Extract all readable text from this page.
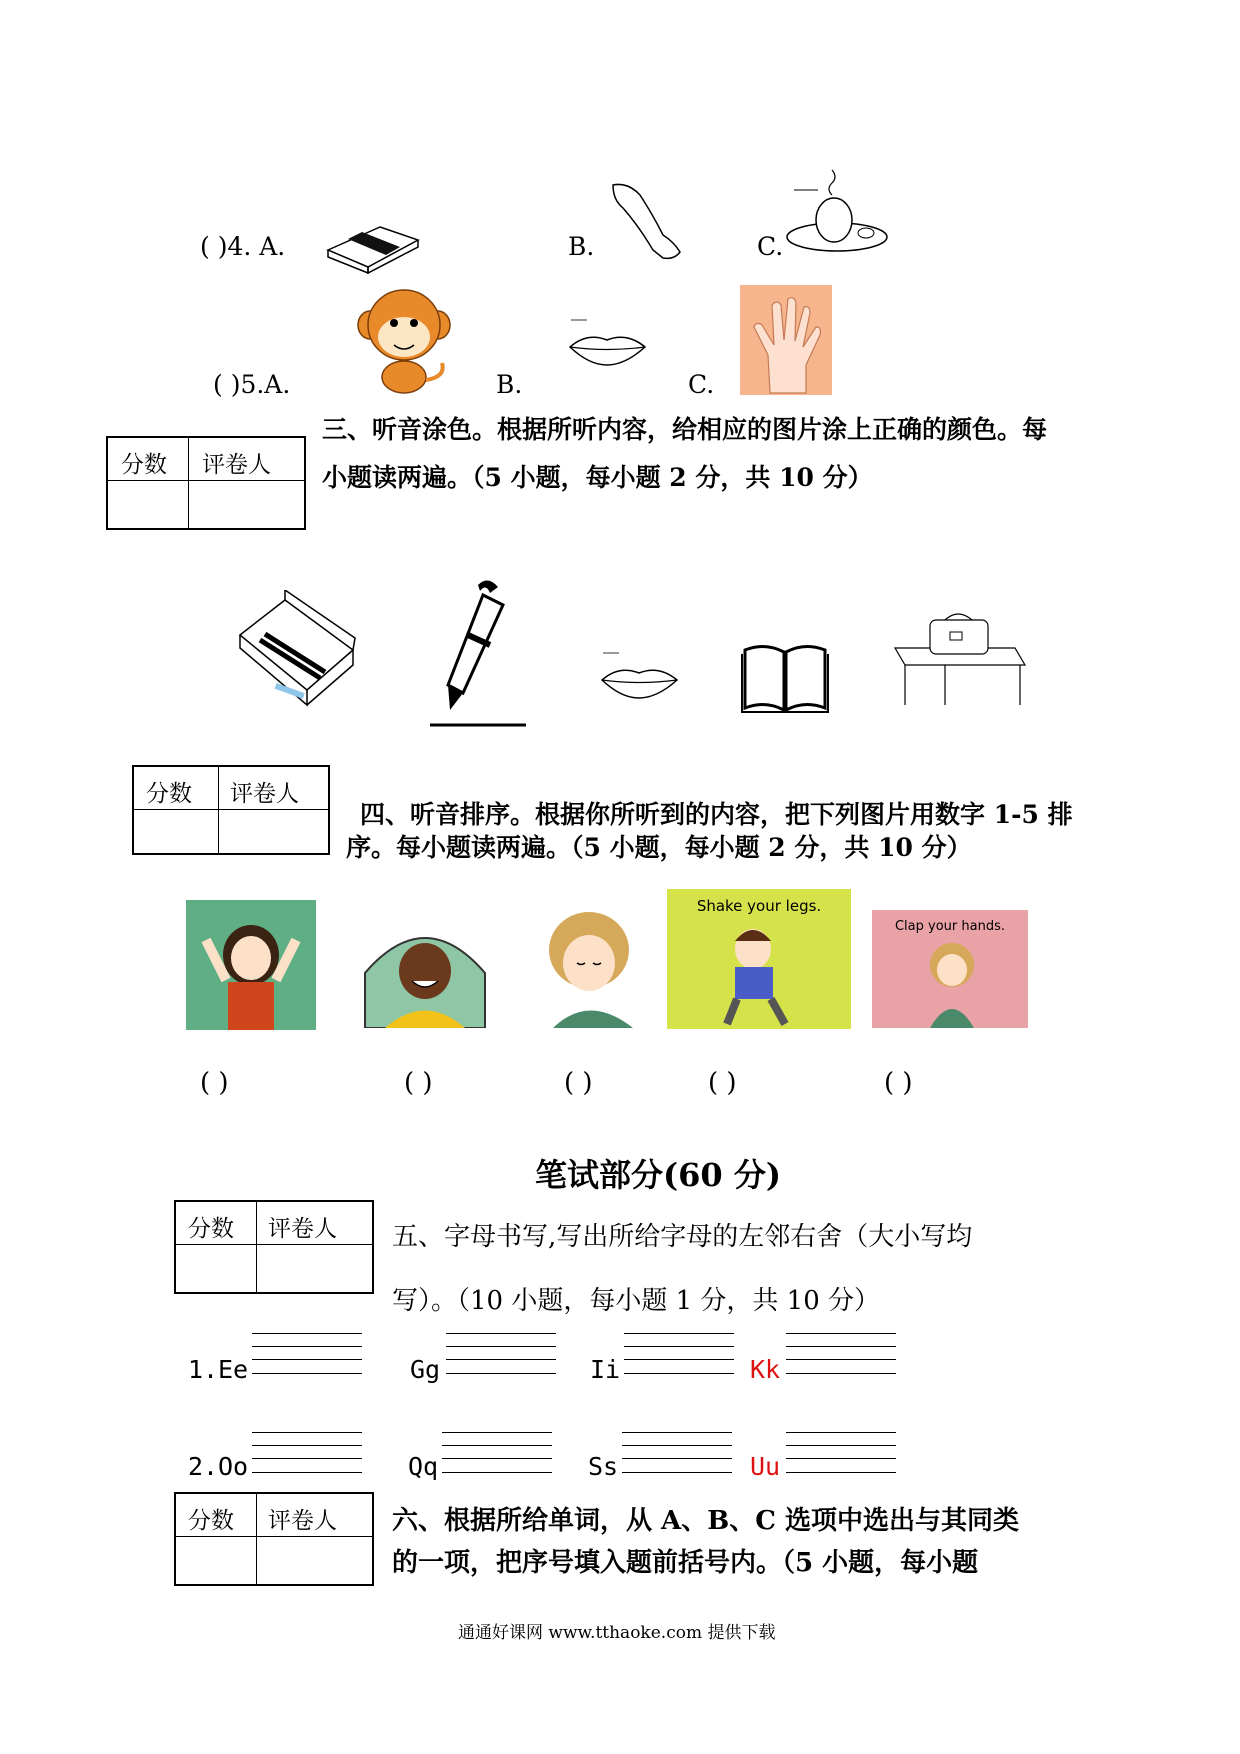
( )4. A.	B.	C.
( )5.A.	B.	C.
分数 评卷人
三、听音涂色。根据所听内容，给相应的图片涂上正确的颜色。每
小题读两遍。（5 小题，每小题 2 分，共 10 分）
分数 评卷人
四、听音排序。根据你所听到的内容，把下列图片用数字 1-5 排
序。每小题读两遍。（5 小题，每小题 2 分，共 10 分）
Shake your legs.
Clap your hands.
( )	( )	( )	( )	( )
笔试部分(60 分)
分数 评卷人 五、字母书写,写出所给字母的左邻右舍（大小写均
写）。（10 小题，每小题 1 分，共 10 分）
1. Ee	Gg	Ii	Kk
2. Oo	Qq	Ss	Uu
分数 评卷人 六、根据所给单词，从 A、B、C 选项中选出与其同类
的一项，把序号填入题前括号内。（5 小题，每小题
通通好课网 www.tthaoke.com 提供下载
